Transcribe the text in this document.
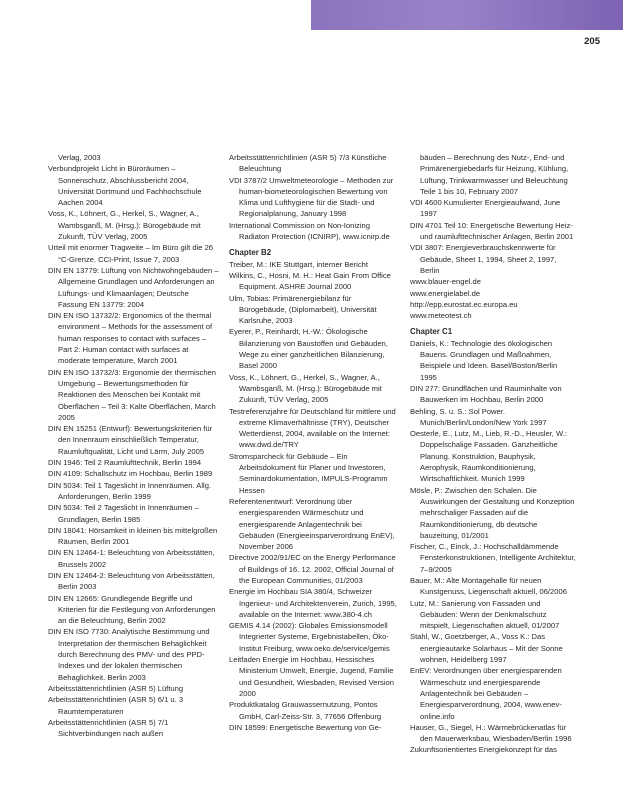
205
Verlag, 2003
Verbundprojekt Licht in Büroräumen – Sonnenschutz, Abschlussbericht 2004, Universität Dortmund und Fachhochschule Aachen 2004
Voss, K., Löhnert, G., Herkel, S., Wagner, A., Wambsganß, M. (Hrsg.): Bürogebäude mit Zukunft, TÜV Verlag, 2005
Urteil mit enormer Tragweite – Im Büro gilt die 26 °C-Grenze. CCI-Print, Issue 7, 2003
DIN EN 13779: Lüftung von Nichtwohngebäuden – Allgemeine Grundlagen und Anforderungen an Lüftungs- und Klimaanlagen; Deutsche Fassung EN 13779: 2004
DIN EN ISO 13732/2: Ergonomics of the thermal environment – Methods for the assessment of human responses to contact with surfaces – Part 2: Human contact with surfaces at moderate temperature, March 2001
DIN EN ISO 13732/3: Ergonomie der thermischen Umgebung – Bewertungsmethoden für Reaktionen des Menschen bei Kontakt mit Oberflächen – Teil 3: Kalte Oberflächen, March 2005
DIN EN 15251 (Entwurf): Bewertungskriterien für den Innenraum einschließlich Temperatur, Raumluftqualität, Licht und Lärm, July 2005
DIN 1946: Teil 2 Raumlufttechnik, Berlin 1994
DIN 4109: Schallschutz im Hochbau, Berlin 1989
DIN 5034: Teil 1 Tageslicht in Innenräumen. Allg. Anforderungen, Berlin 1999
DIN 5034: Teil 2 Tageslicht in Innenräumen – Grundlagen, Berlin 1985
DIN 18041: Hörsamkeit in kleinen bis mittelgroßen Räumen, Berlin 2001
DIN EN 12464-1: Beleuchtung von Arbeitsstätten, Brussels 2002
DIN EN 12464-2: Beleuchtung von Arbeitsstätten, Berlin 2003
DIN EN 12665: Grundlegende Begriffe und Kriterien für die Festlegung von Anforderungen an die Beleuchtung, Berlin 2002
DIN EN ISO 7730: Analytische Bestimmung und Interpretation der thermischen Behaglichkeit durch Berechnung des PMV- und des PPD-Indexes und der lokalen thermischen Behaglichkeit. Berlin 2003
Arbeitsstättenrichtlinien (ASR 5) Lüftung
Arbeitsstättenrichtlinien (ASR 5) 6/1 u. 3 Raumtemperaturen
Arbeitsstättenrichtlinien (ASR 5) 7/1 Sichtverbindungen nach außen
Arbeitsstättenrichtlinien (ASR 5) 7/3 Künstliche Beleuchtung
VDI 3787/2 Umweltmeteorologie – Methoden zur human-biometeorologischen Bewertung von Klima und Lufthygiene für die Stadt- und Regionalplanung, January 1998
International Commission on Non-Ionizing Radiaton Protection (ICNIRP), www.icnirp.de
Chapter B2
Treiber, M.: IKE Stuttgart, interner Bericht
Wilkins, C., Hosni, M. H.: Heat Gain From Office Equipment. ASHRE Journal 2000
Ulm, Tobias: Primärenergiebilanz für Bürogebäude, (Diplomarbeit), Universität Karlsruhe, 2003
Eyerer, P., Reinhardt, H.-W.: Ökologische Bilanzierung von Baustoffen und Gebäuden, Wege zu einer ganzheitlichen Bilanzierung, Basel 2000
Voss, K., Löhnert, G., Herkel, S., Wagner, A., Wambsganß, M. (Hrsg.): Bürogebäude mit Zukunft, TÜV Verlag, 2005
Testreferenzjahre für Deutschland für mittlere und extreme Klimaverhältnisse (TRY), Deutscher Wetterdienst, 2004, available on the Internet: www.dwd.de/TRY
Stromsparcheck für Gebäude – Ein Arbeitsdokument für Planer und Investoren, Seminardokumentation, IMPULS-Programm Hessen
Referentenentwurf: Verordnung über energiesparenden Wärmeschutz und energiesparende Anlagentechnik bei Gebäuden (Energieeinsparverordnung EnEV), November 2006
Directive 2002/91/EC on the Energy Performance of Buildings of 16. 12. 2002, Official Journal of the European Communities, 01/2003
Energie im Hochbau SIA 380/4, Schweizer Ingenieur- und Architektenverein, Zurich, 1995, available on the Internet: www.380-4.ch
GEMIS 4.14 (2002): Globales Emissionsmodell Integrierter Systeme, Ergebnistabellen, Öko-Institut Freiburg, www.oeko.de/service/gemis
Leitfaden Energie im Hochbau, Hessisches Ministerium Umwelt, Energie, Jugend, Familie und Gesundheit, Wiesbaden, Revised Version 2000
Produktkatalog Grauwassernutzung, Pontos GmbH, Carl-Zeiss-Str. 3, 77656 Offenburg
DIN 18599: Energetische Bewertung von Ge-
bäuden – Berechnung des Nutz-, End- und Primärenergiebedarfs für Heizung, Kühlung, Lüftung, Trinkwarmwasser und Beleuchtung Teile 1 bis 10, February 2007
VDI 4600 Kumulierter Energieaufwand, June 1997
DIN 4701 Teil 10: Energetische Bewertung Heiz- und raumlufttechnischer Anlagen, Berlin 2001
VDI 3807: Energieverbrauchskennwerte für Gebäude, Sheet 1, 1994, Sheet 2, 1997, Berlin
www.blauer-engel.de
www.energielabel.de
http://epp.eurostat.ec.europa.eu
www.meteotest.ch
Chapter C1
Daniels, K.: Technologie des ökologischen Bauens. Grundlagen und Maßnahmen, Beispiele und Ideen. Basel/Boston/Berlin 1995
DIN 277: Grundflächen und Rauminhalte von Bauwerken im Hochbau, Berlin 2000
Behling, S. u. S.: Sol Power. Munich/Berlin/London/New York 1997
Oesterle, E., Lutz, M., Lieb, R.-D., Heusler, W.: Doppelschalige Fassaden. Ganzheitliche Planung. Konstruktion, Bauphysik, Aerophysik, Raumkonditionierung, Wirtschaftlichkeit. Munich 1999
Mösle, P.: Zwischen den Schalen. Die Auswirkungen der Gestaltung und Konzeption mehrschaliger Fassaden auf die Raumkonditionierung, db deutsche bauzeitung, 01/2001
Fischer, C., Einck, J.: Hochschalldämmende Fensterkonstruktionen, Intelligente Architektur, 7–9/2005
Bauer, M.: Alte Montagehalle für neuen Kunstgenuss, Liegenschaft aktuell, 06/2006
Lutz, M.: Sanierung von Fassaden und Gebäuden: Wenn der Denkmalschutz mitspielt, Liegenschaften aktuell, 01/2007
Stahl, W., Goetzberger, A., Voss K.: Das energieautarke Solarhaus – Mit der Sonne wohnen, Heidelberg 1997
EnEV: Verordnungen über energiesparenden Wärmeschutz und energiesparende Anlagentechnik bei Gebäuden – Energiesparverordnung, 2004, www.enev-online.info
Hauser, G., Siegel, H.: Wärmebrückenatlas für den Mauerwerksbau, Wiesbaden/Berlin 1996
Zukunftsorientiertes Energiekonzept für das
